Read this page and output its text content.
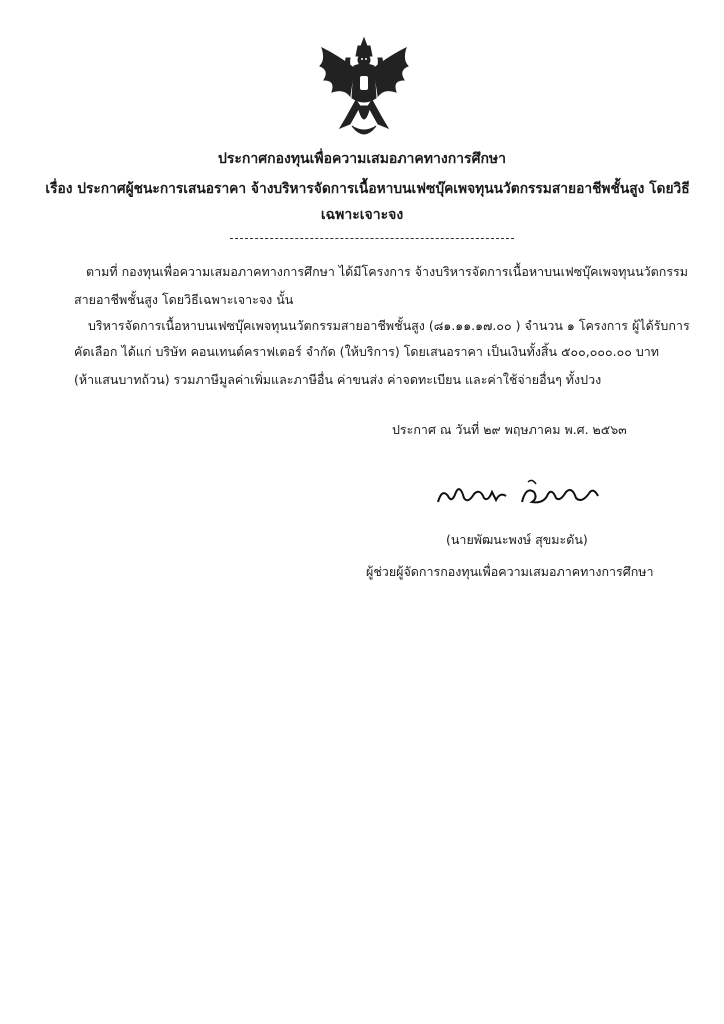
ประกาศกองทุนเพื่อความเสมอภาคทางการศึกษา
เรื่อง ประกาศผู้ชนะการเสนอราคา จ้างบริหารจัดการเนื้อหาบนเฟซบุ๊คเพจทุนนวัตกรรมสายอาชีพชั้นสูง โดยวิธี
เฉพาะเจาะจง
ตามที่ กองทุนเพื่อความเสมอภาคทางการศึกษา ได้มีโครงการ จ้างบริหารจัดการเนื้อหาบนเฟซบุ๊คเพจทุนนวัตกรรม
สายอาชีพชั้นสูง โดยวิธีเฉพาะเจาะจง นั้น
บริหารจัดการเนื้อหาบนเฟซบุ๊คเพจทุนนวัตกรรมสายอาชีพชั้นสูง (๘๑.๑๑.๑๗.๐๐ ) จำนวน ๑ โครงการ ผู้ได้รับการ
คัดเลือก ได้แก่ บริษัท คอนเทนต์คราฟเตอร์ จำกัด (ให้บริการ) โดยเสนอราคา เป็นเงินทั้งสิ้น ๕๐๐,๐๐๐.๐๐ บาท
(ห้าแสนบาทถ้วน) รวมภาษีมูลค่าเพิ่มและภาษีอื่น ค่าขนส่ง ค่าจดทะเบียน และค่าใช้จ่ายอื่นๆ ทั้งปวง
ประกาศ ณ วันที่ ๒๙ พฤษภาคม พ.ศ. ๒๕๖๓
(นายพัฒนะพงษ์ สุขมะดัน)
ผู้ช่วยผู้จัดการกองทุนเพื่อความเสมอภาคทางการศึกษา
